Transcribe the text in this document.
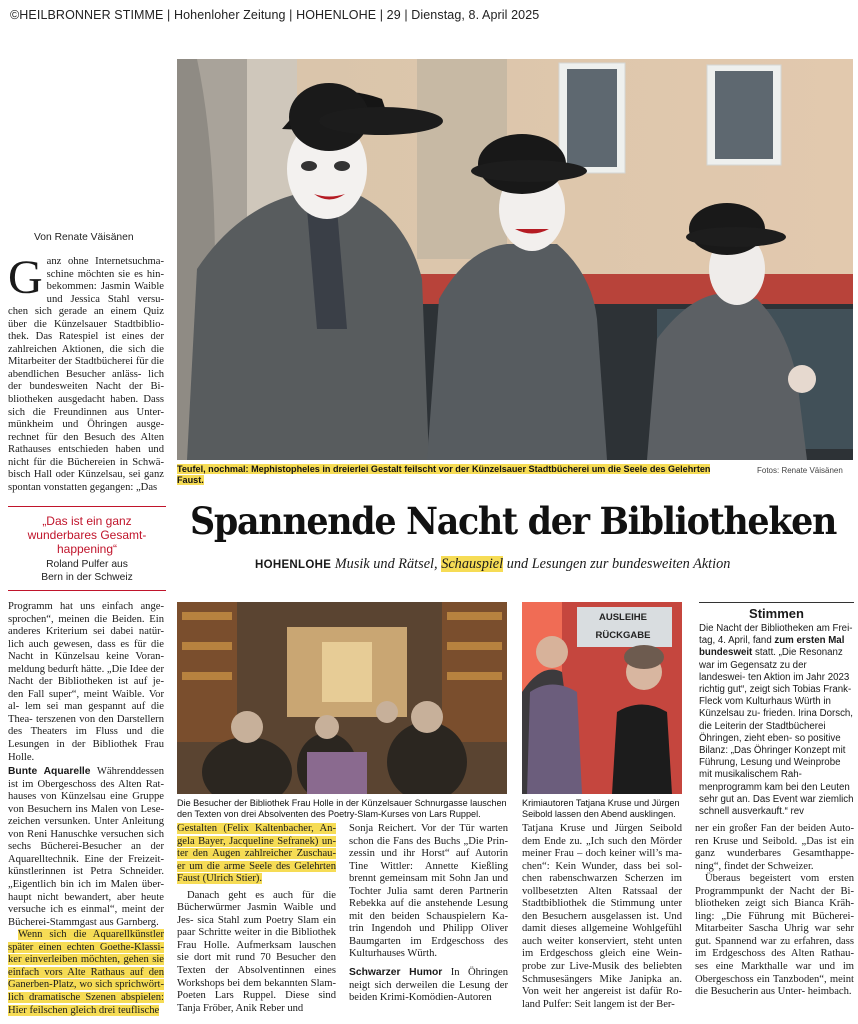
©HEILBRONNER STIMME | Hohenloher Zeitung | HOHENLOHE | 29 | Dienstag, 8. April 2025
Von Renate Väisänen
G anz ohne Internetsuchma- schine möchten sie es hin- bekommen: Jasmin Waible und Jessica Stahl versu- chen sich gerade an einem Quiz über die Künzelsauer Stadtbiblio- thek. Das Ratespiel ist eines der zahlreichen Aktionen, die sich die Mitarbeiter der Stadtbücherei für die abendlichen Besucher anläss- lich der bundesweiten Nacht der Bi- bliotheken ausgedacht haben. Dass sich die Freundinnen aus Unter- münkheim und Öhringen ausge- rechnet für den Besuch des Alten Rathauses entschieden haben und nicht für die Büchereien in Schwä- bisch Hall oder Künzelsau, sei ganz spontan vonstatten gegangen: „Das
„Das ist ein ganz wunderbares Gesamt- happening“
Roland Pulfer aus Bern in der Schweiz
Teufel, nochmal: Mephistopheles in dreierlei Gestalt feilscht vor der Künzelsauer Stadtbücherei um die Seele des Gelehrten Faust.
Fotos: Renate Väisänen
Spannende Nacht der Bibliotheken
HOHENLOHE Musik und Rätsel, Schauspiel und Lesungen zur bundesweiten Aktion

Programm hat uns einfach ange- sprochen“, meinen die Beiden. Ein anderes Kriterium sei dabei natür- lich auch gewesen, dass es für die Nacht in Künzelsau keine Voran- meldung bedurft hätte. „Die Idee der Nacht der Bibliotheken ist auf je- den Fall super“, meint Waible. Vor al- lem sei man gespannt auf die Thea- terszenen von den Darstellern des Theaters im Fluss und die Lesungen in der Bibliothek Frau Holle.

Bunte Aquarelle Währenddessen ist im Obergeschoss des Alten Rat- hauses von Künzelsau eine Gruppe von Besuchern ins Malen von Lese- zeichen versunken. Unter Anleitung von Reni Hanuschke versuchen sich sechs Bücherei-Besucher an der Aquarelltechnik. Eine der Freizeit- künstlerinnen ist Petra Schneider. „Eigentlich bin ich im Malen über- haupt nicht bewandert, aber heute versuche ich es einmal“, meint der Bücherei-Stammgast aus Garnberg.

Wenn sich die Aquarellkünstler später einen echten Goethe-Klassi- ker einverleiben möchten, gehen sie einfach vors Alte Rathaus auf den Ganerben-Platz, wo sich sprichwört- lich dramatische Szenen abspielen: Hier feilschen gleich drei teuflische

Die Besucher der Bibliothek Frau Holle in der Künzelsauer Schnurgasse lauschen den Texten von drei Absolventen des Poetry-Slam-Kurses von Lars Ruppel.
AUSLEIHE
RÜCKGABE
Krimiautoren Tatjana Kruse und Jürgen Seibold lassen den Abend ausklingen.
Stimmen
Die Nacht der Bibliotheken am Frei- tag, 4. April, fand zum ersten Mal bundesweit statt. „Die Resonanz war im Gegensatz zu der landeswei- ten Aktion im Jahr 2023 richtig gut“, zeigt sich Tobias Frank-Fleck vom Kulturhaus Würth in Künzelsau zu- frieden. Irina Dorsch, die Leiterin der Stadtbücherei Öhringen, zieht eben- so positive Bilanz: „Das Öhringer Konzept mit Führung, Lesung und Weinprobe mit musikalischem Rah- menprogramm kam bei den Leuten sehr gut an. Das Event war ziemlich schnell ausverkauft.“ rev

Gestalten (Felix Kaltenbacher, An- gela Bayer, Jacqueline Sefranek) un- ter den Augen zahlreicher Zuschau- er um die arme Seele des Gelehrten Faust (Ulrich Stier).

Danach geht es auch für die Bücherwürmer Jasmin Waible und Jes- sica Stahl zum Poetry Slam ein paar Schritte weiter in die Bibliothek Frau Holle. Aufmerksam lauschen sie dort mit rund 70 Besucher den Texten der Absolventinnen eines Workshops bei dem bekannten Slam-Poeten Lars Ruppel. Diese sind Tanja Fröber, Anik Reber und

Sonja Reichert. Vor der Tür warten schon die Fans des Buchs „Die Prin- zessin und ihr Horst“ auf Autorin Tine Wittler: Annette Kießling brennt gemeinsam mit Sohn Jan und Tochter Julia samt deren Partnerin Rebekka auf die anstehende Lesung mit den beiden Schauspielern Ka- trin Ingendoh und Philipp Oliver Baumgarten im Erdgeschoss des Kulturhauses Würth.

Schwarzer Humor In Öhringen neigt sich derweilen die Lesung der beiden Krimi-Komödien-Autoren

Tatjana Kruse und Jürgen Seibold dem Ende zu. „Ich such den Mörder meiner Frau – doch keiner will’s ma- chen“: Kein Wunder, dass bei sol- chen rabenschwarzen Scherzen im vollbesetzten Alten Ratssaal der Stadtbibliothek die Stimmung unter den Besuchern ausgelassen ist. Und damit dieses allgemeine Wohlgefühl auch weiter konserviert, steht unten im Erdgeschoss gleich eine Wein- probe zur Live-Musik des beliebten Schmusesängers Mike Janipka an. Von weit her angereist ist dafür Ro- land Pulfer: Seit langem ist der Ber-

ner ein großer Fan der beiden Auto- ren Kruse und Seibold. „Das ist ein ganz wunderbares Gesamthappe- ning“, findet der Schweizer.

Überaus begeistert vom ersten Programmpunkt der Nacht der Bi- bliotheken zeigt sich Bianca Kräh- ling: „Die Führung mit Bücherei- Mitarbeiter Sascha Uhrig war sehr gut. Spannend war zu erfahren, dass im Erdgeschoss des Alten Rathau- ses eine Markthalle war und im Obergeschoss ein Tanzboden“, meint die Besucherin aus Unter- heimbach.
